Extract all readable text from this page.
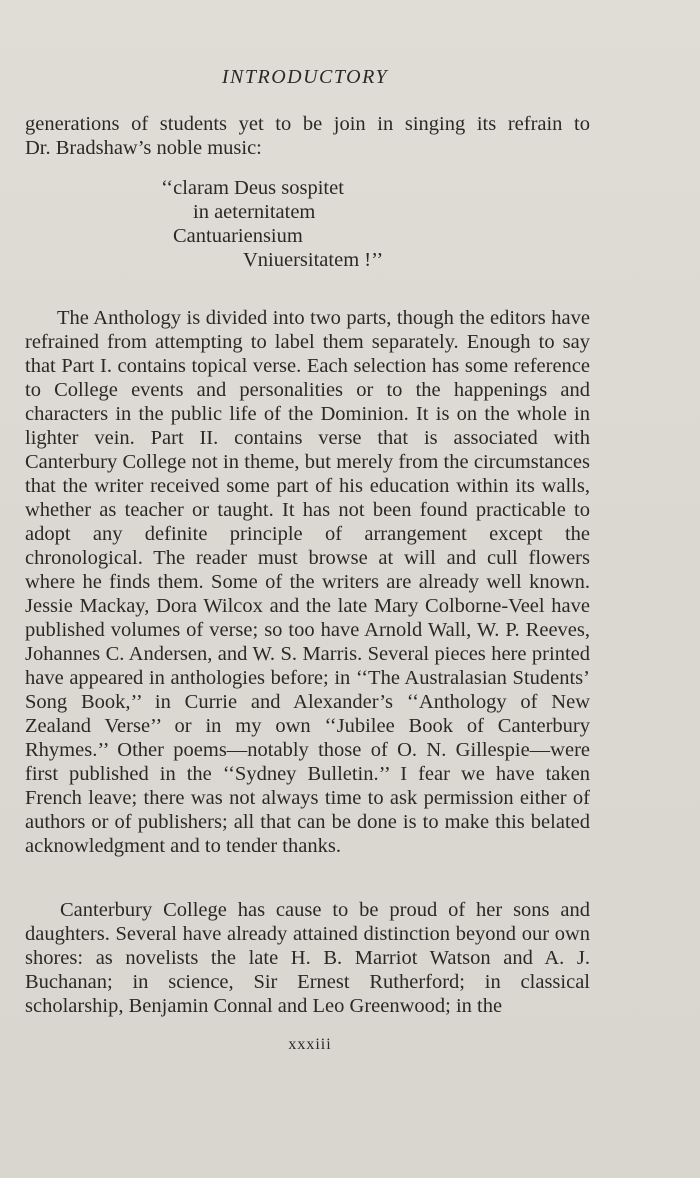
INTRODUCTORY
generations of students yet to be join in singing its refrain to
Dr. Bradshaw’s noble music:
‘‘claram Deus sospitet
in aeternitatem
Cantuariensium
Vniuersitatem !’’
The Anthology is divided into two parts, though the editors have refrained from attempting to label them separately. Enough to say that Part I. contains topical verse. Each selection has some reference to College events and personalities or to the happenings and characters in the public life of the Dominion. It is on the whole in lighter vein. Part II. contains verse that is associated with Canterbury College not in theme, but merely from the circumstances that the writer received some part of his education within its walls, whether as teacher or taught. It has not been found practicable to adopt any definite principle of arrangement except the chronological. The reader must browse at will and cull flowers where he finds them. Some of the writers are already well known. Jessie Mackay, Dora Wilcox and the late Mary Colborne-Veel have published volumes of verse; so too have Arnold Wall, W. P. Reeves, Johannes C. Andersen, and W. S. Marris. Several pieces here printed have appeared in anthologies before; in ‘‘The Australasian Students’ Song Book,’’ in Currie and Alexander’s ‘‘Anthology of New Zealand Verse’’ or in my own ‘‘Jubilee Book of Canterbury Rhymes.’’ Other poems—notably those of O. N. Gillespie—were first published in the ‘‘Sydney Bulletin.’’ I fear we have taken French leave; there was not always time to ask permission either of authors or of publishers; all that can be done is to make this belated acknowledgment and to tender thanks.
Canterbury College has cause to be proud of her sons and daughters. Several have already attained distinction beyond our own shores: as novelists the late H. B. Marriot Watson and A. J. Buchanan; in science, Sir Ernest Rutherford; in classical scholarship, Benjamin Connal and Leo Greenwood; in the
xxxiii
